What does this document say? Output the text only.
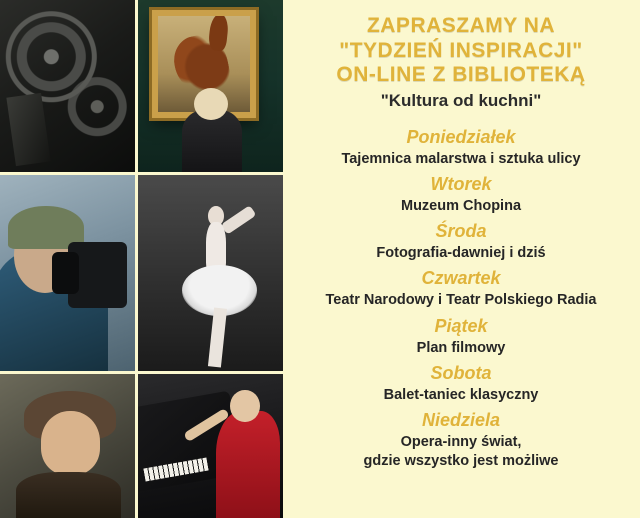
ZAPRASZAMY NA
"TYDZIEŃ INSPIRACJI"
ON-LINE Z BIBLIOTEKĄ
"Kultura od kuchni"
Poniedziałek
Tajemnica malarstwa i sztuka ulicy
Wtorek
Muzeum Chopina
Środa
Fotografia-dawniej i dziś
Czwartek
Teatr Narodowy i Teatr Polskiego Radia
Piątek
Plan filmowy
Sobota
Balet-taniec klasyczny
Niedziela
Opera-inny świat,
gdzie wszystko jest możliwe
